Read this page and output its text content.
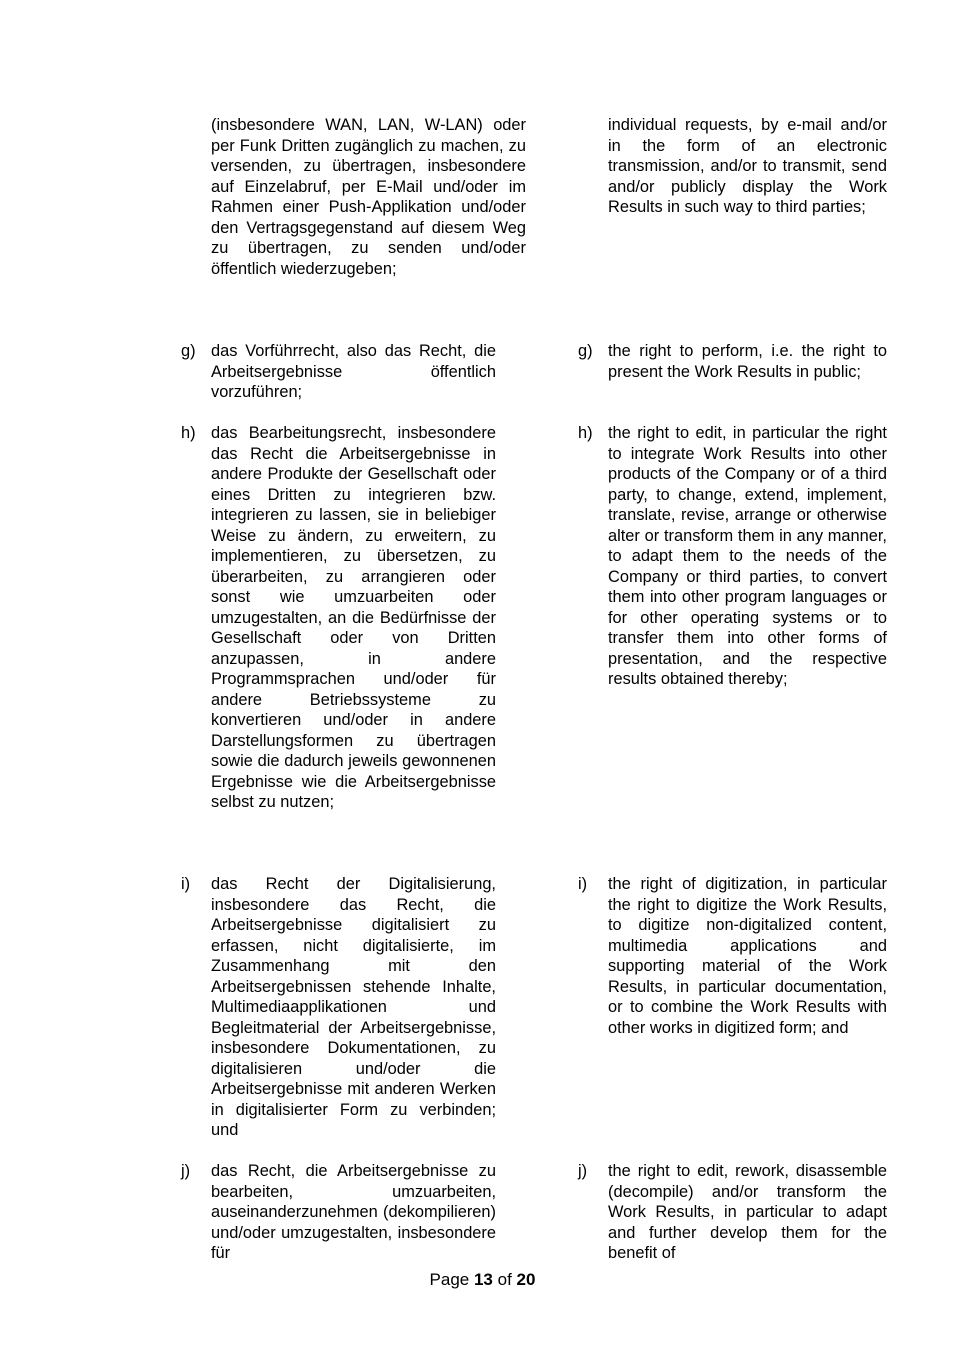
(insbesondere WAN, LAN, W-LAN) oder per Funk Dritten zugänglich zu machen, zu versenden, zu übertragen, insbesondere auf Einzelabruf, per E-Mail und/oder im Rahmen einer Push-Applikation und/oder den Vertragsgegenstand auf diesem Weg zu übertragen, zu senden und/oder öffentlich wiederzugeben;

g) das Vorführrecht, also das Recht, die Arbeitsergebnisse öffentlich vorzuführen;

h) das Bearbeitungsrecht, insbesondere das Recht die Arbeitsergebnisse in andere Produkte der Gesellschaft oder eines Dritten zu integrieren bzw. integrieren zu lassen, sie in beliebiger Weise zu ändern, zu erweitern, zu implementieren, zu übersetzen, zu überarbeiten, zu arrangieren oder sonst wie umzuarbeiten oder umzugestalten, an die Bedürfnisse der Gesellschaft oder von Dritten anzupassen, in andere Programmsprachen und/oder für andere Betriebssysteme zu konvertieren und/oder in andere Darstellungsformen zu übertragen sowie die dadurch jeweils gewonnenen Ergebnisse wie die Arbeitsergebnisse selbst zu nutzen;

i) das Recht der Digitalisierung, insbesondere das Recht, die Arbeitsergebnisse digitalisiert zu erfassen, nicht digitalisierte, im Zusammenhang mit den Arbeitsergebnissen stehende Inhalte, Multimediaapplikationen und Begleitmaterial der Arbeitsergebnisse, insbesondere Dokumentationen, zu digitalisieren und/oder die Arbeitsergebnisse mit anderen Werken in digitalisierter Form zu verbinden; und

j) das Recht, die Arbeitsergebnisse zu bearbeiten, umzuarbeiten, auseinanderzunehmen (dekompilieren) und/oder umzugestalten, insbesondere für

individual requests, by e-mail and/or in the form of an electronic transmission, and/or to transmit, send and/or publicly display the Work Results in such way to third parties;

g) the right to perform, i.e. the right to present the Work Results in public;

h) the right to edit, in particular the right to integrate Work Results into other products of the Company or of a third party, to change, extend, implement, translate, revise, arrange or otherwise alter or transform them in any manner, to adapt them to the needs of the Company or third parties, to convert them into other program languages or for other operating systems or to transfer them into other forms of presentation, and the respective results obtained thereby;

i) the right of digitization, in particular the right to digitize the Work Results, to digitize non-digitalized content, multimedia applications and supporting material of the Work Results, in particular documentation, or to combine the Work Results with other works in digitized form; and

j) the right to edit, rework, disassemble (decompile) and/or transform the Work Results, in particular to adapt and further develop them for the benefit of

Page 13 of 20
